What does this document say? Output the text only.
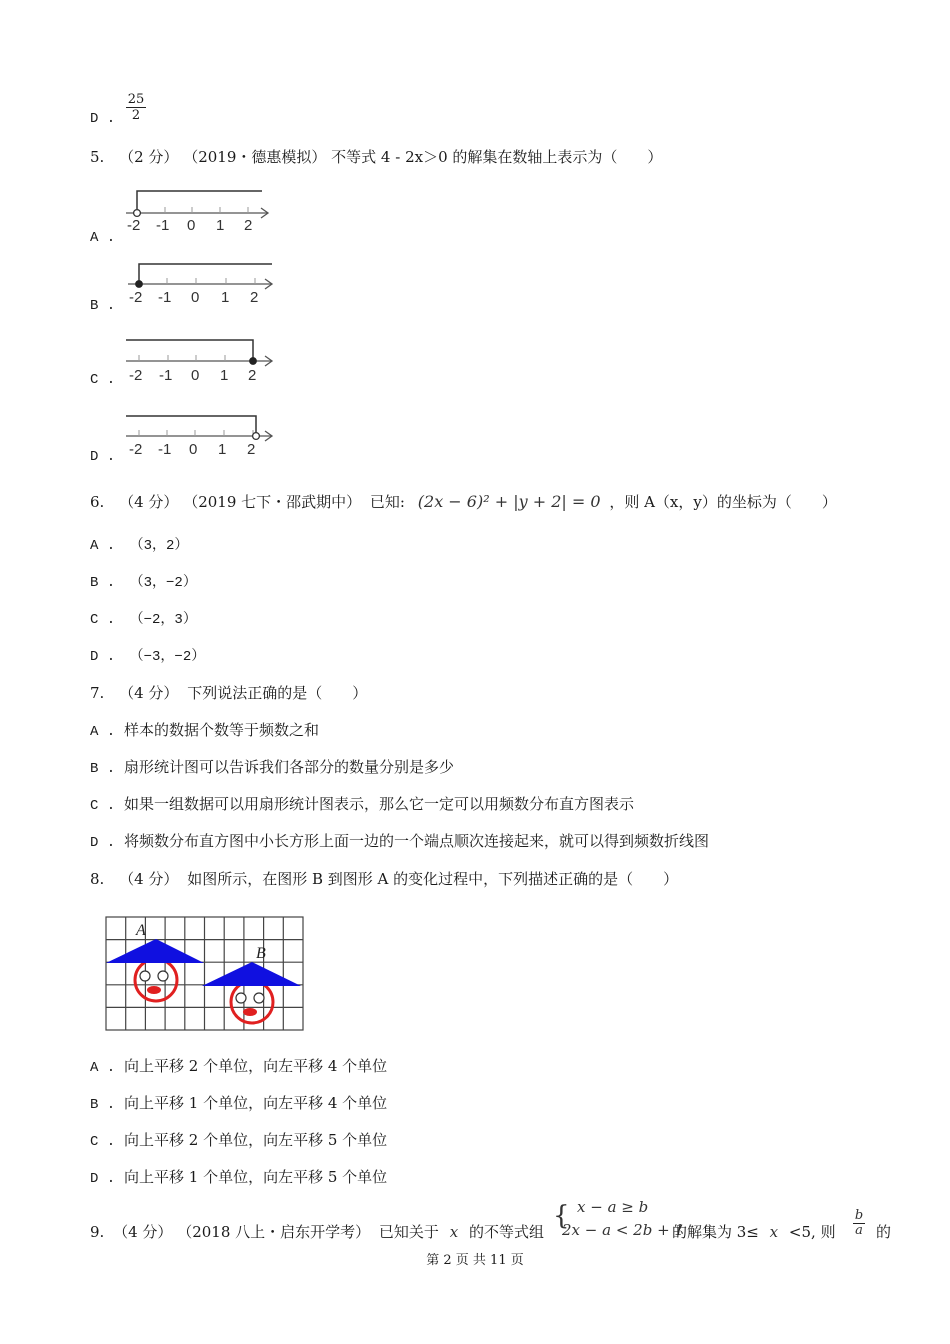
D . $\frac{25}{2}$
5. （2 分） （2019・德惠模拟） 不等式 4 - 2x＞0 的解集在数轴上表示为（　　）
A .
-2 -1 0 1 2
B . -2 -1 0 1 2
C . -2 -1 0 1 2
D . -2 -1 0 1 2
6. （4 分） （2019 七下・邵武期中） 已知: (2x − 6)² + |y + 2| = 0 ，则 A（x，y）的坐标为（　　）
A . （3，2）
B . （3，−2）
C . （−2，3）
D . （−3，−2）
7. （4 分） 下列说法正确的是（　　）
A . 样本的数据个数等于频数之和
B . 扇形统计图可以告诉我们各部分的数量分别是多少
C . 如果一组数据可以用扇形统计图表示，那么它一定可以用频数分布直方图表示
D . 将频数分布直方图中小长方形上面一边的一个端点顺次连接起来，就可以得到频数折线图
8. （4 分） 如图所示，在图形 B 到图形 A 的变化过程中，下列描述正确的是（　　）
A
B
A . 向上平移 2 个单位，向左平移 4 个单位
B . 向上平移 1 个单位，向左平移 4 个单位
C . 向上平移 2 个单位，向左平移 5 个单位
D . 向上平移 1 个单位，向左平移 5 个单位
9. （4 分） （2018 八上・启东开学考） 已知关于 x 的不等式组
{ x − a ≥ b
2x − a < 2b + 1
的解集为 3≤ x <5, 则
b
a 的
第 2 页 共 11 页
